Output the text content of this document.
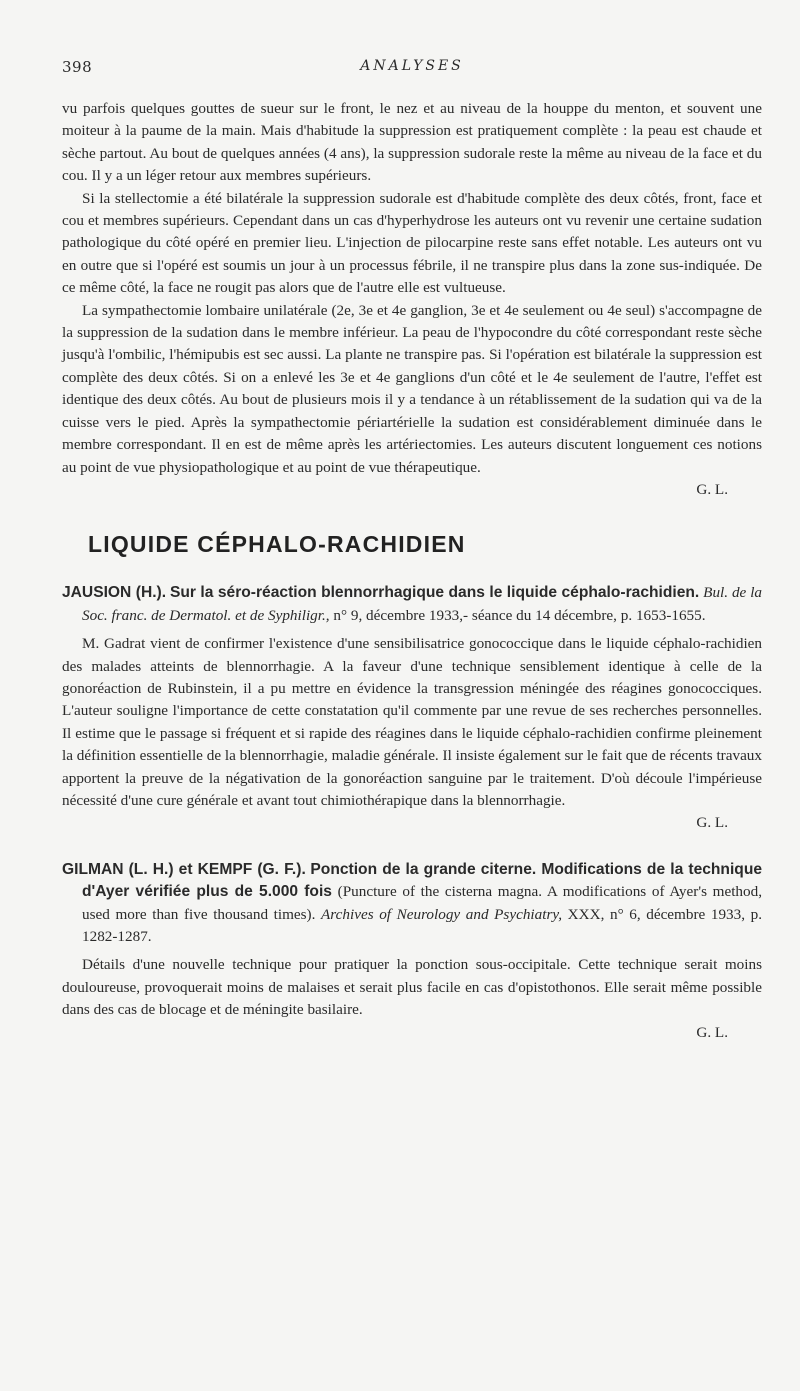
398	ANALYSES

vu parfois quelques gouttes de sueur sur le front, le nez et au niveau de la houppe du menton, et souvent une moiteur à la paume de la main. Mais d'habitude la suppression est pratiquement complète : la peau est chaude et sèche partout. Au bout de quelques années (4 ans), la suppression sudorale reste la même au niveau de la face et du cou. Il y a un léger retour aux membres supérieurs.

Si la stellectomie a été bilatérale la suppression sudorale est d'habitude complète des deux côtés, front, face et cou et membres supérieurs. Cependant dans un cas d'hyperhydrose les auteurs ont vu revenir une certaine sudation pathologique du côté opéré en premier lieu. L'injection de pilocarpine reste sans effet notable. Les auteurs ont vu en outre que si l'opéré est soumis un jour à un processus fébrile, il ne transpire plus dans la zone sus-indiquée. De ce même côté, la face ne rougit pas alors que de l'autre elle est vultueuse.

La sympathectomie lombaire unilatérale (2e, 3e et 4e ganglion, 3e et 4e seulement ou 4e seul) s'accompagne de la suppression de la sudation dans le membre inférieur. La peau de l'hypocondre du côté correspondant reste sèche jusqu'à l'ombilic, l'hémipubis est sec aussi. La plante ne transpire pas. Si l'opération est bilatérale la suppression est complète des deux côtés. Si on a enlevé les 3e et 4e ganglions d'un côté et le 4e seulement de l'autre, l'effet est identique des deux côtés. Au bout de plusieurs mois il y a tendance à un rétablissement de la sudation qui va de la cuisse vers le pied. Après la sympathectomie périartérielle la sudation est considérablement diminuée dans le membre correspondant. Il en est de même après les artériectomies. Les auteurs discutent longuement ces notions au point de vue physiopathologique et au point de vue thérapeutique.

G. L.
LIQUIDE CÉPHALO-RACHIDIEN
JAUSION (H.). Sur la séro-réaction blennorrhagique dans le liquide céphalo-rachidien. Bul. de la Soc. franc. de Dermatol. et de Syphiligr., n° 9, décembre 1933,- séance du 14 décembre, p. 1653-1655.

M. Gadrat vient de confirmer l'existence d'une sensibilisatrice gonococcique dans le liquide céphalo-rachidien des malades atteints de blennorrhagie. A la faveur d'une technique sensiblement identique à celle de la gonoréaction de Rubinstein, il a pu mettre en évidence la transgression méningée des réagines gonococciques. L'auteur souligne l'importance de cette constatation qu'il commente par une revue de ses recherches personnelles. Il estime que le passage si fréquent et si rapide des réagines dans le liquide céphalo-rachidien confirme pleinement la définition essentielle de la blennorrhagie, maladie générale. Il insiste également sur le fait que de récents travaux apportent la preuve de la négativation de la gonoréaction sanguine par le traitement. D'où découle l'impérieuse nécessité d'une cure générale et avant tout chimiothérapique dans la blennorrhagie.

G. L.
GILMAN (L. H.) et KEMPF (G. F.). Ponction de la grande citerne. Modifications de la technique d'Ayer vérifiée plus de 5.000 fois (Puncture of the cisterna magna. A modifications of Ayer's method, used more than five thousand times). Archives of Neurology and Psychiatry, XXX, n° 6, décembre 1933, p. 1282-1287.

Détails d'une nouvelle technique pour pratiquer la ponction sous-occipitale. Cette technique serait moins douloureuse, provoquerait moins de malaises et serait plus facile en cas d'opistothonos. Elle serait même possible dans des cas de blocage et de méningite basilaire.

G. L.
